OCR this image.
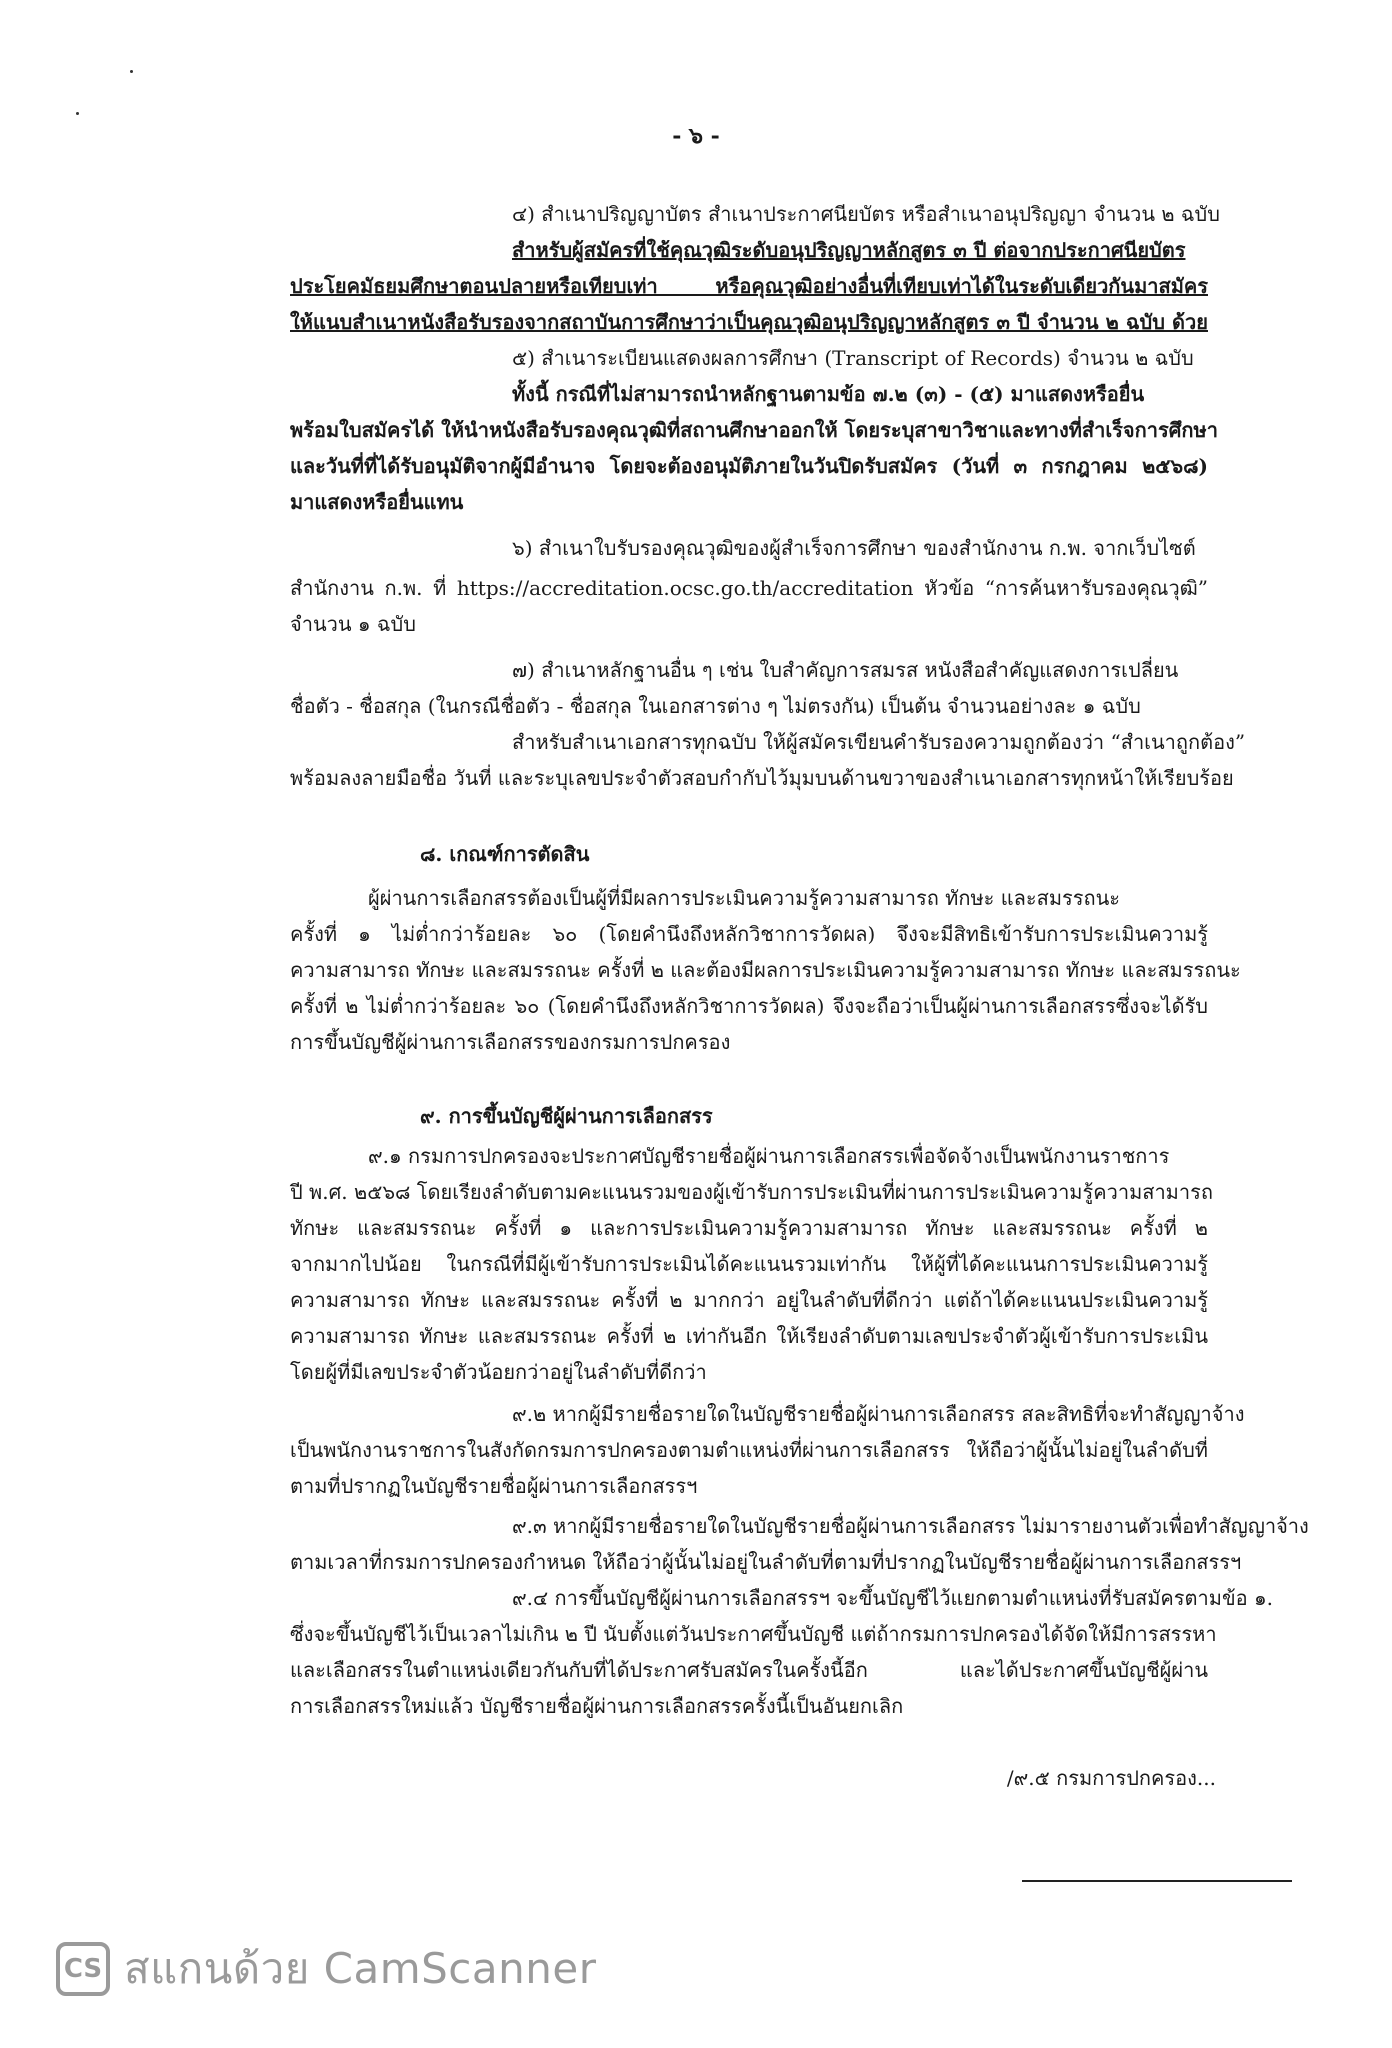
- ๖ -
๔) สำเนาปริญญาบัตร สำเนาประกาศนียบัตร หรือสำเนาอนุปริญญา จำนวน ๒ ฉบับ
สำหรับผู้สมัครที่ใช้คุณวุฒิระดับอนุปริญญาหลักสูตร ๓ ปี ต่อจากประกาศนียบัตร
ประโยคมัธยมศึกษาตอนปลายหรือเทียบเท่า หรือคุณวุฒิอย่างอื่นที่เทียบเท่าได้ในระดับเดียวกันมาสมัคร
ให้แนบสำเนาหนังสือรับรองจากสถาบันการศึกษาว่าเป็นคุณวุฒิอนุปริญญาหลักสูตร ๓ ปี จำนวน ๒ ฉบับ ด้วย
๕) สำเนาระเบียนแสดงผลการศึกษา (Transcript of Records) จำนวน ๒ ฉบับ
ทั้งนี้ กรณีที่ไม่สามารถนำหลักฐานตามข้อ ๗.๒ (๓) - (๕) มาแสดงหรือยื่น
พร้อมใบสมัครได้ ให้นำหนังสือรับรองคุณวุฒิที่สถานศึกษาออกให้ โดยระบุสาขาวิชาและทางที่สำเร็จการศึกษา
และวันที่ที่ได้รับอนุมัติจากผู้มีอำนาจ โดยจะต้องอนุมัติภายในวันปิดรับสมัคร (วันที่ ๓ กรกฎาคม ๒๕๖๘)
มาแสดงหรือยื่นแทน
๖) สำเนาใบรับรองคุณวุฒิของผู้สำเร็จการศึกษา ของสำนักงาน ก.พ. จากเว็บไซต์
สำนักงาน ก.พ. ที่ https://accreditation.ocsc.go.th/accreditation หัวข้อ “การค้นหารับรองคุณวุฒิ”
จำนวน ๑ ฉบับ
๗) สำเนาหลักฐานอื่น ๆ เช่น ใบสำคัญการสมรส หนังสือสำคัญแสดงการเปลี่ยน
ชื่อตัว - ชื่อสกุล (ในกรณีชื่อตัว - ชื่อสกุล ในเอกสารต่าง ๆ ไม่ตรงกัน) เป็นต้น จำนวนอย่างละ ๑ ฉบับ
สำหรับสำเนาเอกสารทุกฉบับ ให้ผู้สมัครเขียนคำรับรองความถูกต้องว่า “สำเนาถูกต้อง”
พร้อมลงลายมือชื่อ วันที่ และระบุเลขประจำตัวสอบกำกับไว้มุมบนด้านขวาของสำเนาเอกสารทุกหน้าให้เรียบร้อย
๘. เกณฑ์การตัดสิน
ผู้ผ่านการเลือกสรรต้องเป็นผู้ที่มีผลการประเมินความรู้ความสามารถ ทักษะ และสมรรถนะ
ครั้งที่ ๑ ไม่ต่ำกว่าร้อยละ ๖๐ (โดยคำนึงถึงหลักวิชาการวัดผล) จึงจะมีสิทธิเข้ารับการประเมินความรู้
ความสามารถ ทักษะ และสมรรถนะ ครั้งที่ ๒ และต้องมีผลการประเมินความรู้ความสามารถ ทักษะ และสมรรถนะ
ครั้งที่ ๒ ไม่ต่ำกว่าร้อยละ ๖๐ (โดยคำนึงถึงหลักวิชาการวัดผล) จึงจะถือว่าเป็นผู้ผ่านการเลือกสรรซึ่งจะได้รับ
การขึ้นบัญชีผู้ผ่านการเลือกสรรของกรมการปกครอง
๙. การขึ้นบัญชีผู้ผ่านการเลือกสรร
๙.๑ กรมการปกครองจะประกาศบัญชีรายชื่อผู้ผ่านการเลือกสรรเพื่อจัดจ้างเป็นพนักงานราชการ
ปี พ.ศ. ๒๕๖๘ โดยเรียงลำดับตามคะแนนรวมของผู้เข้ารับการประเมินที่ผ่านการประเมินความรู้ความสามารถ
ทักษะ และสมรรถนะ ครั้งที่ ๑ และการประเมินความรู้ความสามารถ ทักษะ และสมรรถนะ ครั้งที่ ๒
จากมากไปน้อย ในกรณีที่มีผู้เข้ารับการประเมินได้คะแนนรวมเท่ากัน ให้ผู้ที่ได้คะแนนการประเมินความรู้
ความสามารถ ทักษะ และสมรรถนะ ครั้งที่ ๒ มากกว่า อยู่ในลำดับที่ดีกว่า แต่ถ้าได้คะแนนประเมินความรู้
ความสามารถ ทักษะ และสมรรถนะ ครั้งที่ ๒ เท่ากันอีก ให้เรียงลำดับตามเลขประจำตัวผู้เข้ารับการประเมิน
โดยผู้ที่มีเลขประจำตัวน้อยกว่าอยู่ในลำดับที่ดีกว่า
๙.๒ หากผู้มีรายชื่อรายใดในบัญชีรายชื่อผู้ผ่านการเลือกสรร สละสิทธิที่จะทำสัญญาจ้าง
เป็นพนักงานราชการในสังกัดกรมการปกครองตามตำแหน่งที่ผ่านการเลือกสรร ให้ถือว่าผู้นั้นไม่อยู่ในลำดับที่
ตามที่ปรากฏในบัญชีรายชื่อผู้ผ่านการเลือกสรรฯ
๙.๓ หากผู้มีรายชื่อรายใดในบัญชีรายชื่อผู้ผ่านการเลือกสรร ไม่มารายงานตัวเพื่อทำสัญญาจ้าง
ตามเวลาที่กรมการปกครองกำหนด ให้ถือว่าผู้นั้นไม่อยู่ในลำดับที่ตามที่ปรากฏในบัญชีรายชื่อผู้ผ่านการเลือกสรรฯ
๙.๔ การขึ้นบัญชีผู้ผ่านการเลือกสรรฯ จะขึ้นบัญชีไว้แยกตามตำแหน่งที่รับสมัครตามข้อ ๑.
ซึ่งจะขึ้นบัญชีไว้เป็นเวลาไม่เกิน ๒ ปี นับตั้งแต่วันประกาศขึ้นบัญชี แต่ถ้ากรมการปกครองได้จัดให้มีการสรรหา
และเลือกสรรในตำแหน่งเดียวกันกับที่ได้ประกาศรับสมัครในครั้งนี้อีก และได้ประกาศขึ้นบัญชีผู้ผ่าน
การเลือกสรรใหม่แล้ว บัญชีรายชื่อผู้ผ่านการเลือกสรรครั้งนี้เป็นอันยกเลิก
/๙.๕ กรมการปกครอง...
CS สแกนด้วย CamScanner
